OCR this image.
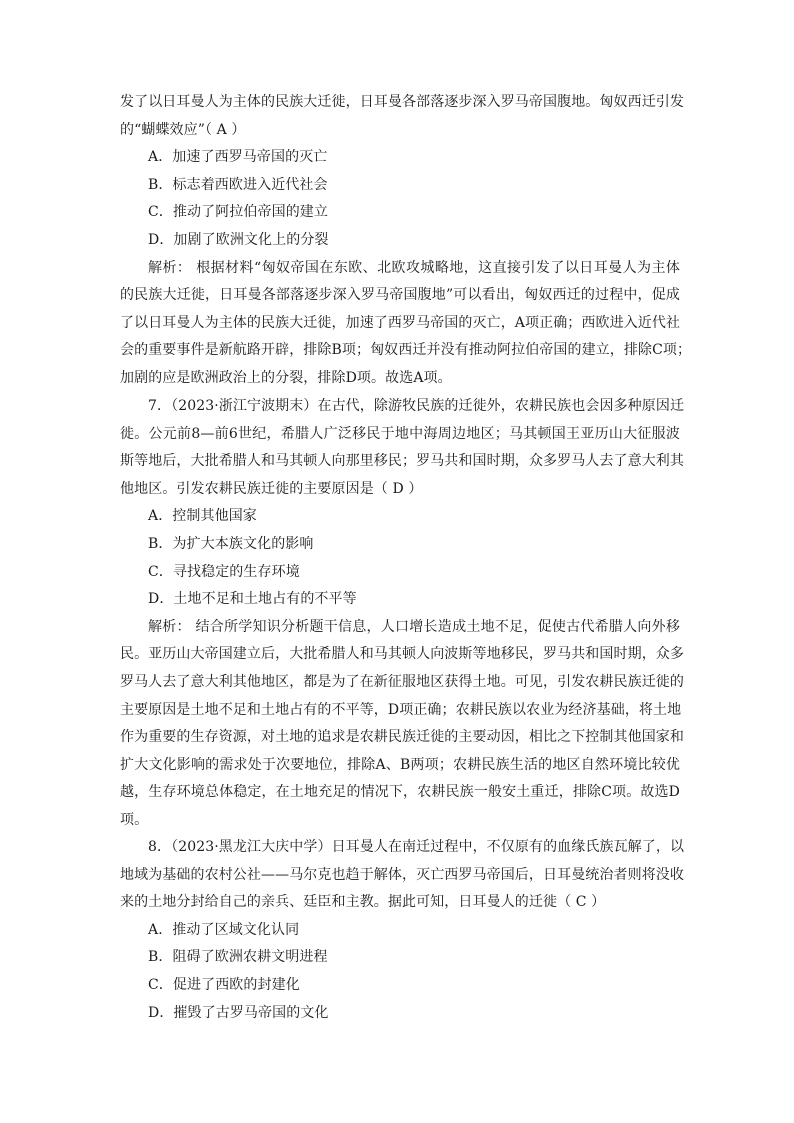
发了以日耳曼人为主体的民族大迁徙，日耳曼各部落逐步深入罗马帝国腹地。匈奴西迁引发
的“蝴蝶效应”（ A ）
A．加速了西罗马帝国的灭亡
B．标志着西欧进入近代社会
C．推动了阿拉伯帝国的建立
D．加剧了欧洲文化上的分裂
解析： 根据材料“匈奴帝国在东欧、北欧攻城略地，这直接引发了以日耳曼人为主体
的民族大迁徙，日耳曼各部落逐步深入罗马帝国腹地”可以看出，匈奴西迁的过程中，促成
了以日耳曼人为主体的民族大迁徙，加速了西罗马帝国的灭亡，A项正确；西欧进入近代社
会的重要事件是新航路开辟，排除B项；匈奴西迁并没有推动阿拉伯帝国的建立，排除C项；
加剧的应是欧洲政治上的分裂，排除D项。故选A项。
7．（2023·浙江宁波期末）在古代，除游牧民族的迁徙外，农耕民族也会因多种原因迁
徙。公元前8—前6世纪，希腊人广泛移民于地中海周边地区；马其顿国王亚历山大征服波
斯等地后，大批希腊人和马其顿人向那里移民；罗马共和国时期，众多罗马人去了意大利其
他地区。引发农耕民族迁徙的主要原因是（ D ）
A．控制其他国家
B．为扩大本族文化的影响
C．寻找稳定的生存环境
D．土地不足和土地占有的不平等
解析： 结合所学知识分析题干信息，人口增长造成土地不足，促使古代希腊人向外移
民。亚历山大帝国建立后，大批希腊人和马其顿人向波斯等地移民，罗马共和国时期，众多
罗马人去了意大利其他地区，都是为了在新征服地区获得土地。可见，引发农耕民族迁徙的
主要原因是土地不足和土地占有的不平等，D项正确；农耕民族以农业为经济基础，将土地
作为重要的生存资源，对土地的追求是农耕民族迁徙的主要动因，相比之下控制其他国家和
扩大文化影响的需求处于次要地位，排除A、B两项；农耕民族生活的地区自然环境比较优
越，生存环境总体稳定，在土地充足的情况下，农耕民族一般安土重迁，排除C项。故选D
项。
8．（2023·黑龙江大庆中学）日耳曼人在南迁过程中，不仅原有的血缘氏族瓦解了，以
地域为基础的农村公社——马尔克也趋于解体，灭亡西罗马帝国后，日耳曼统治者则将没收
来的土地分封给自己的亲兵、廷臣和主教。据此可知，日耳曼人的迁徙（ C ）
A．推动了区域文化认同
B．阻碍了欧洲农耕文明进程
C．促进了西欧的封建化
D．摧毁了古罗马帝国的文化
